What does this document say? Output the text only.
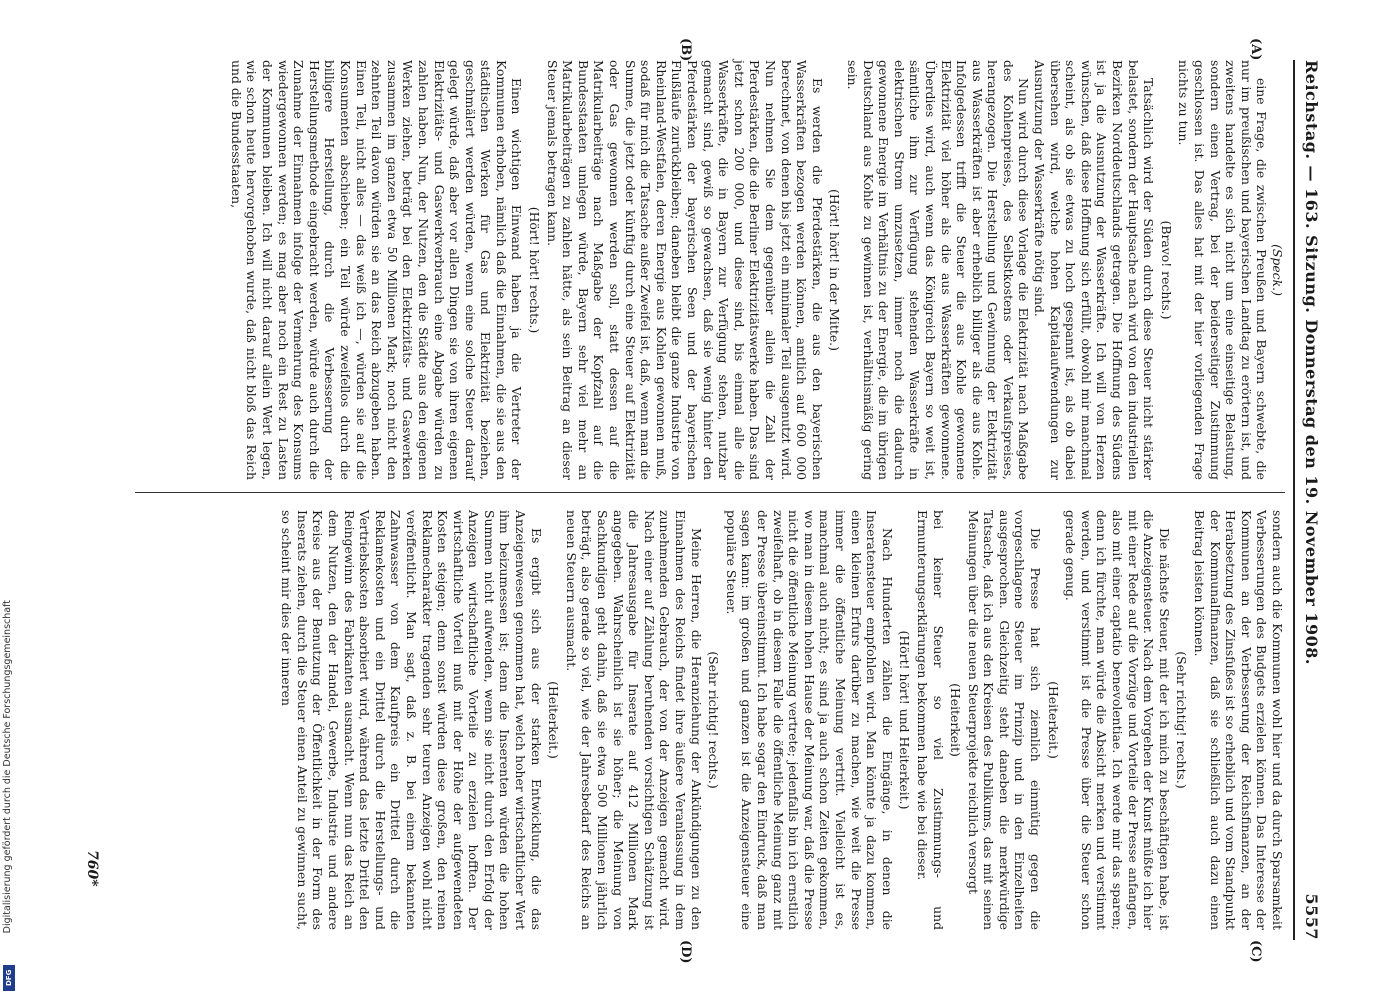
Reichstag. — 163. Sitzung. Donnerstag den 19. November 1908.
5557
(A)
(B)
(C)
(D)

(Speck.)

eine Frage, die zwischen Preußen und Bayern schwebte, die nur im preußischen und bayerischen Landtag zu erörtern ist, und zweitens handelte es sich nicht um eine einseitige Belastung, sondern einen Vertrag, bei der beiderseitiger Zustimmung geschlossen ist. Das alles hat mit der hier vorliegenden Frage nichts zu tun.

(Bravo! rechts.)

Tatsächlich wird der Süden durch diese Steuer nicht stärker belastet, sondern der Hauptsache nach wird von den industriellen Bezirken Norddeutschlands getragen. Die Hoffnung des Südens ist ja die Ausnutzung der Wasserkräfte. Ich will von Herzen wünschen, daß diese Hoffnung sich erfüllt, obwohl mir manchmal scheint, als ob sie etwas zu hoch gespannt ist, als ob dabei übersehen wird, welche hohen Kapitalaufwendungen zur Ausnutzung der Wasserkräfte nötig sind.

Nun wird durch diese Vorlage die Elektrizität nach Maßgabe des Kohlenpreises, des Selbstkostens oder Verkaufspreises, herangezogen. Die Herstellung und Gewinnung der Elektrizität aus Wasserkräften ist aber erheblich billiger als die aus Kohle. Infolgedessen trifft die Steuer die aus Kohle gewonnene Elektrizität viel höher als die aus Wasserkräften gewonnene. Überdies wird, auch wenn das Königreich Bayern so weit ist, sämtliche ihm zur Verfügung stehenden Wasserkräfte in elektrischen Strom umzusetzen, immer noch die dadurch gewonnene Energie im Verhältnis zu der Energie, die im übrigen Deutschland aus Kohle zu gewinnen ist, verhältnismäßig gering sein.

(Hört! hört! in der Mitte.)

Es werden die Pferdestärken, die aus den bayerischen Wasserkräften bezogen werden können, amtlich auf 600 000 berechnet, von denen bis jetzt ein minimaler Teil ausgenutzt wird. Nun nehmen Sie dem gegenüber allein die Zahl der Pferdestärken, die die Berliner Elektrizitätswerke haben. Das sind jetzt schon 200 000, und diese sind, bis einmal alle die Wasserkräfte, die in Bayern zur Verfügung stehen, nutzbar gemacht sind, gewiß so gewachsen, daß sie wenig hinter den Pferdestärken der bayerischen Seen und der bayerischen Flußläufe zurückbleiben; daneben bleibt die ganze Industrie von Rheinland-Westfalen, deren Energie aus Kohlen gewonnen muß, sodaß für mich die Tatsache außer Zweifel ist, daß, wenn man die Summe, die jetzt oder künftig durch eine Steuer auf Elektrizität oder Gas gewonnen werden soll, statt dessen auf die Matrikularbeiträge nach Maßgabe der Kopfzahl auf die Bundesstaaten umlegen würde, Bayern sehr viel mehr an Matrikularbeiträgen zu zahlen hätte, als sein Beitrag an dieser Steuer jemals betragen kann.

(Hört! hört! rechts.)

Einen wichtigen Einwand haben ja die Vertreter der Kommunen erhoben, nämlich daß die Einnahmen, die sie aus den städtischen Werken für Gas und Elektrizität beziehen, geschmälert werden würden, wenn eine solche Steuer darauf gelegt würde, daß aber vor allen Dingen sie von ihren eigenen Elektrizitäts- und Gaswerkverbrauch eine Abgabe würden zu zahlen haben. Nun, der Nutzen, den die Städte aus den eigenen Werken ziehen, beträgt bei den Elektrizitäts- und Gaswerken zusammen im ganzen etwa 50 Millionen Mark; noch nicht den zehnten Teil davon würden sie an das Reich abzugeben haben. Einen Teil, nicht alles — das weiß ich —, würden sie auf die Konsumenten abschieben; ein Teil würde zweifellos durch die billigere Herstellung, durch die Verbesserung der Herstellungsmethode eingebracht werden, würde auch durch die Zunahme der Einnahmen infolge der Vermehrung des Konsums wiedergewonnen werden; es mag aber noch ein Rest zu Lasten der Kommunen bleiben. Ich will nicht darauf allein Wert legen, wie schon heute hervorgehoben wurde, daß nicht bloß das Reich und die Bundesstaaten,

sondern auch die Kommunen wohl hier und da durch Sparsamkeit Verbesserungen des Budgets erzielen können. Das Interesse der Kommunen an der Verbesserung der Reichsfinanzen, an der Herabsetzung des Zinsfußes ist so erheblich und vom Standpunkt der Kommunalfinanzen, daß sie schließlich auch dazu einen Beitrag leisten können.

(Sehr richtig! rechts.)

Die nächste Steuer, mit der ich mich zu beschäftigen habe, ist die Anzeigensteuer. Nach dem Vorgehen der Kunst müßte ich hier mit einer Rede auf die Vorzüge und Vorteile der Presse anfangen, also mit einer captatio benevolentiae. Ich werde mir das sparen; denn ich fürchte, man würde die Absicht merken und verstimmt werden, und verstimmt ist die Presse über die Steuer schon gerade genug.

(Heiterkeit.)

Die Presse hat sich ziemlich einmütig gegen die vorgeschlagene Steuer im Prinzip und in den Einzelheiten ausgesprochen. Gleichzeitig steht daneben die merkwürdige Tatsache, daß ich aus den Kreisen des Publikums, das mit seinen Meinungen über die neuen Steuerprojekte reichlich versorgt

(Heiterkeit)

bei keiner Steuer so viel Zustimmungs- und Ermunterungserklärungen bekommen habe wie bei dieser.

(Hört! hört! und Heiterkeit.)

Nach Hunderten zählen die Eingänge, in denen die Inseratensteuer empfohlen wird. Man könnte ja dazu kommen, einen kleinen Erfurs darüber zu machen, wie weit die Presse immer die öffentliche Meinung vertritt. Vielleicht ist es, manchmal auch nicht; es sind ja auch schon Zeiten gekommen, wo man in diesem hohen Hause der Meinung war, daß die Presse nicht die öffentliche Meinung vertrete; jedenfalls bin ich ernstlich zweifelhaft, ob in diesem Falle die öffentliche Meinung ganz mit der Presse übereinstimmt. Ich habe sogar den Eindruck, daß man sagen kann: im großen und ganzen ist die Anzeigensteuer eine populäre Steuer.

(Sehr richtig! rechts.)

Meine Herren, die Heranziehung der Ankündigungen zu den Einnahmen des Reichs findet ihre äußere Veranlassung in dem zunehmenden Gebrauch, der von der Anzeigen gemacht wird. Nach einer auf Zählung beruhenden vorsichtigen Schätzung ist die Jahresausgabe für Inserate auf 412 Millionen Mark angegeben. Wahrscheinlich ist sie höher; die Meinung von Sachkundigen geht dahin, daß sie etwa 500 Millionen jährlich beträgt, also gerade so viel, wie der Jahresbedarf des Reichs an neuen Steuern ausmacht.

(Heiterkeit.)

Es ergibt sich aus der starken Entwicklung, die das Anzeigenwesen genommen hat, welch hoher wirtschaftlicher Wert ihm beizumessen ist; denn die Inserenten würden die hohen Summen nicht aufwenden, wenn sie nicht durch den Erfolg der Anzeigen wirtschaftliche Vorteile zu erzielen hofften. Der wirtschaftliche Vorteil muß mit der Höhe der aufgewendeten Kosten steigen; denn sonst würden diese großen, den reinen Reklamecharakter tragenden sehr teuren Anzeigen wohl nicht veröffentlicht. Man sagt, daß z. B. bei einem bekannten Zahnwasser von dem Kaufpreis ein Drittel durch die Reklamekosten und ein Drittel durch die Herstellungs- und Vertriebskosten absorbiert wird, während das letzte Drittel den Reingewinn des Fabrikanten ausmacht. Wenn nun das Reich an dem Nutzen, den der Handel, Gewerbe, Industrie und andere Kreise aus der Benutzung der Öffentlichkeit in der Form des Inserats ziehen, durch die Steuer einen Anteil zu gewinnen sucht, so scheint mir dies der inneren

760*
Digitalisierung gefördert durch die Deutsche Forschungsgemeinschaft
DFG
